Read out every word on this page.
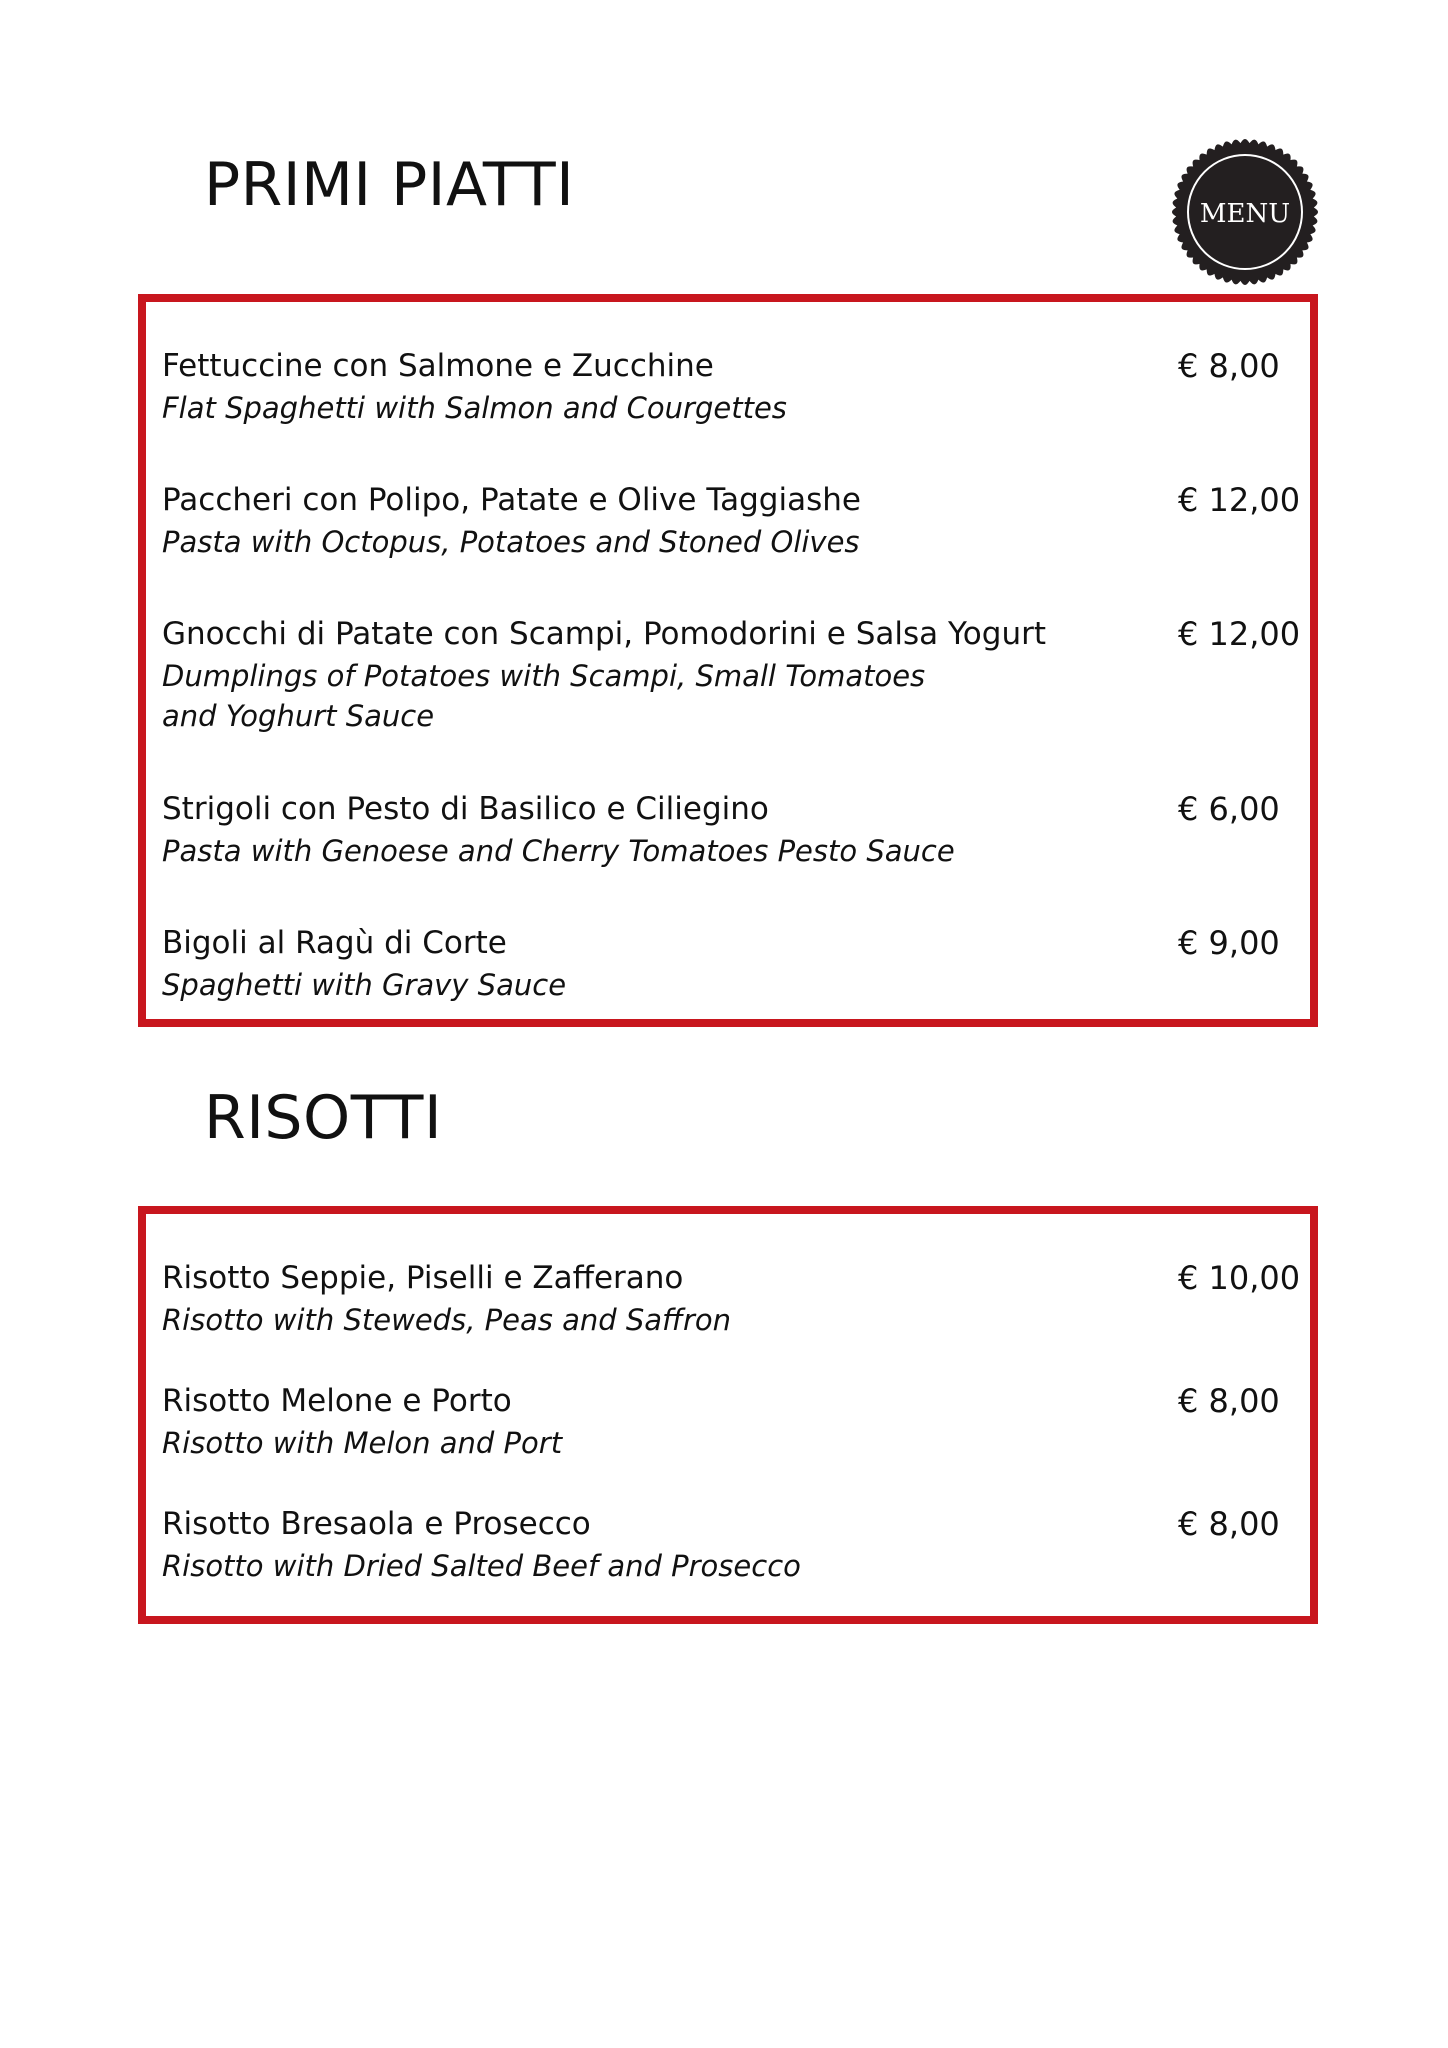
PRIMI PIATTI	MENU
Fettuccine con Salmone e Zucchine
Flat Spaghetti with Salmon and Courgettes
€ 8,00
Paccheri con Polipo, Patate e Olive Taggiashe
Pasta with Octopus, Potatoes and Stoned Olives
€ 12,00
Gnocchi di Patate con Scampi, Pomodorini e Salsa Yogurt
Dumplings of Potatoes with Scampi, Small Tomatoes and Yoghurt Sauce
€ 12,00
Strigoli con Pesto di Basilico e Ciliegino
Pasta with Genoese and Cherry Tomatoes Pesto Sauce
€ 6,00
Bigoli al Ragù di Corte
Spaghetti with Gravy Sauce
€ 9,00
RISOTTI
Risotto Seppie, Piselli e Zafferano
Risotto with Steweds, Peas and Saffron
€ 10,00
Risotto Melone e Porto
Risotto with Melon and Port
€ 8,00
Risotto Bresaola e Prosecco
Risotto with Dried Salted Beef and Prosecco
€ 8,00
